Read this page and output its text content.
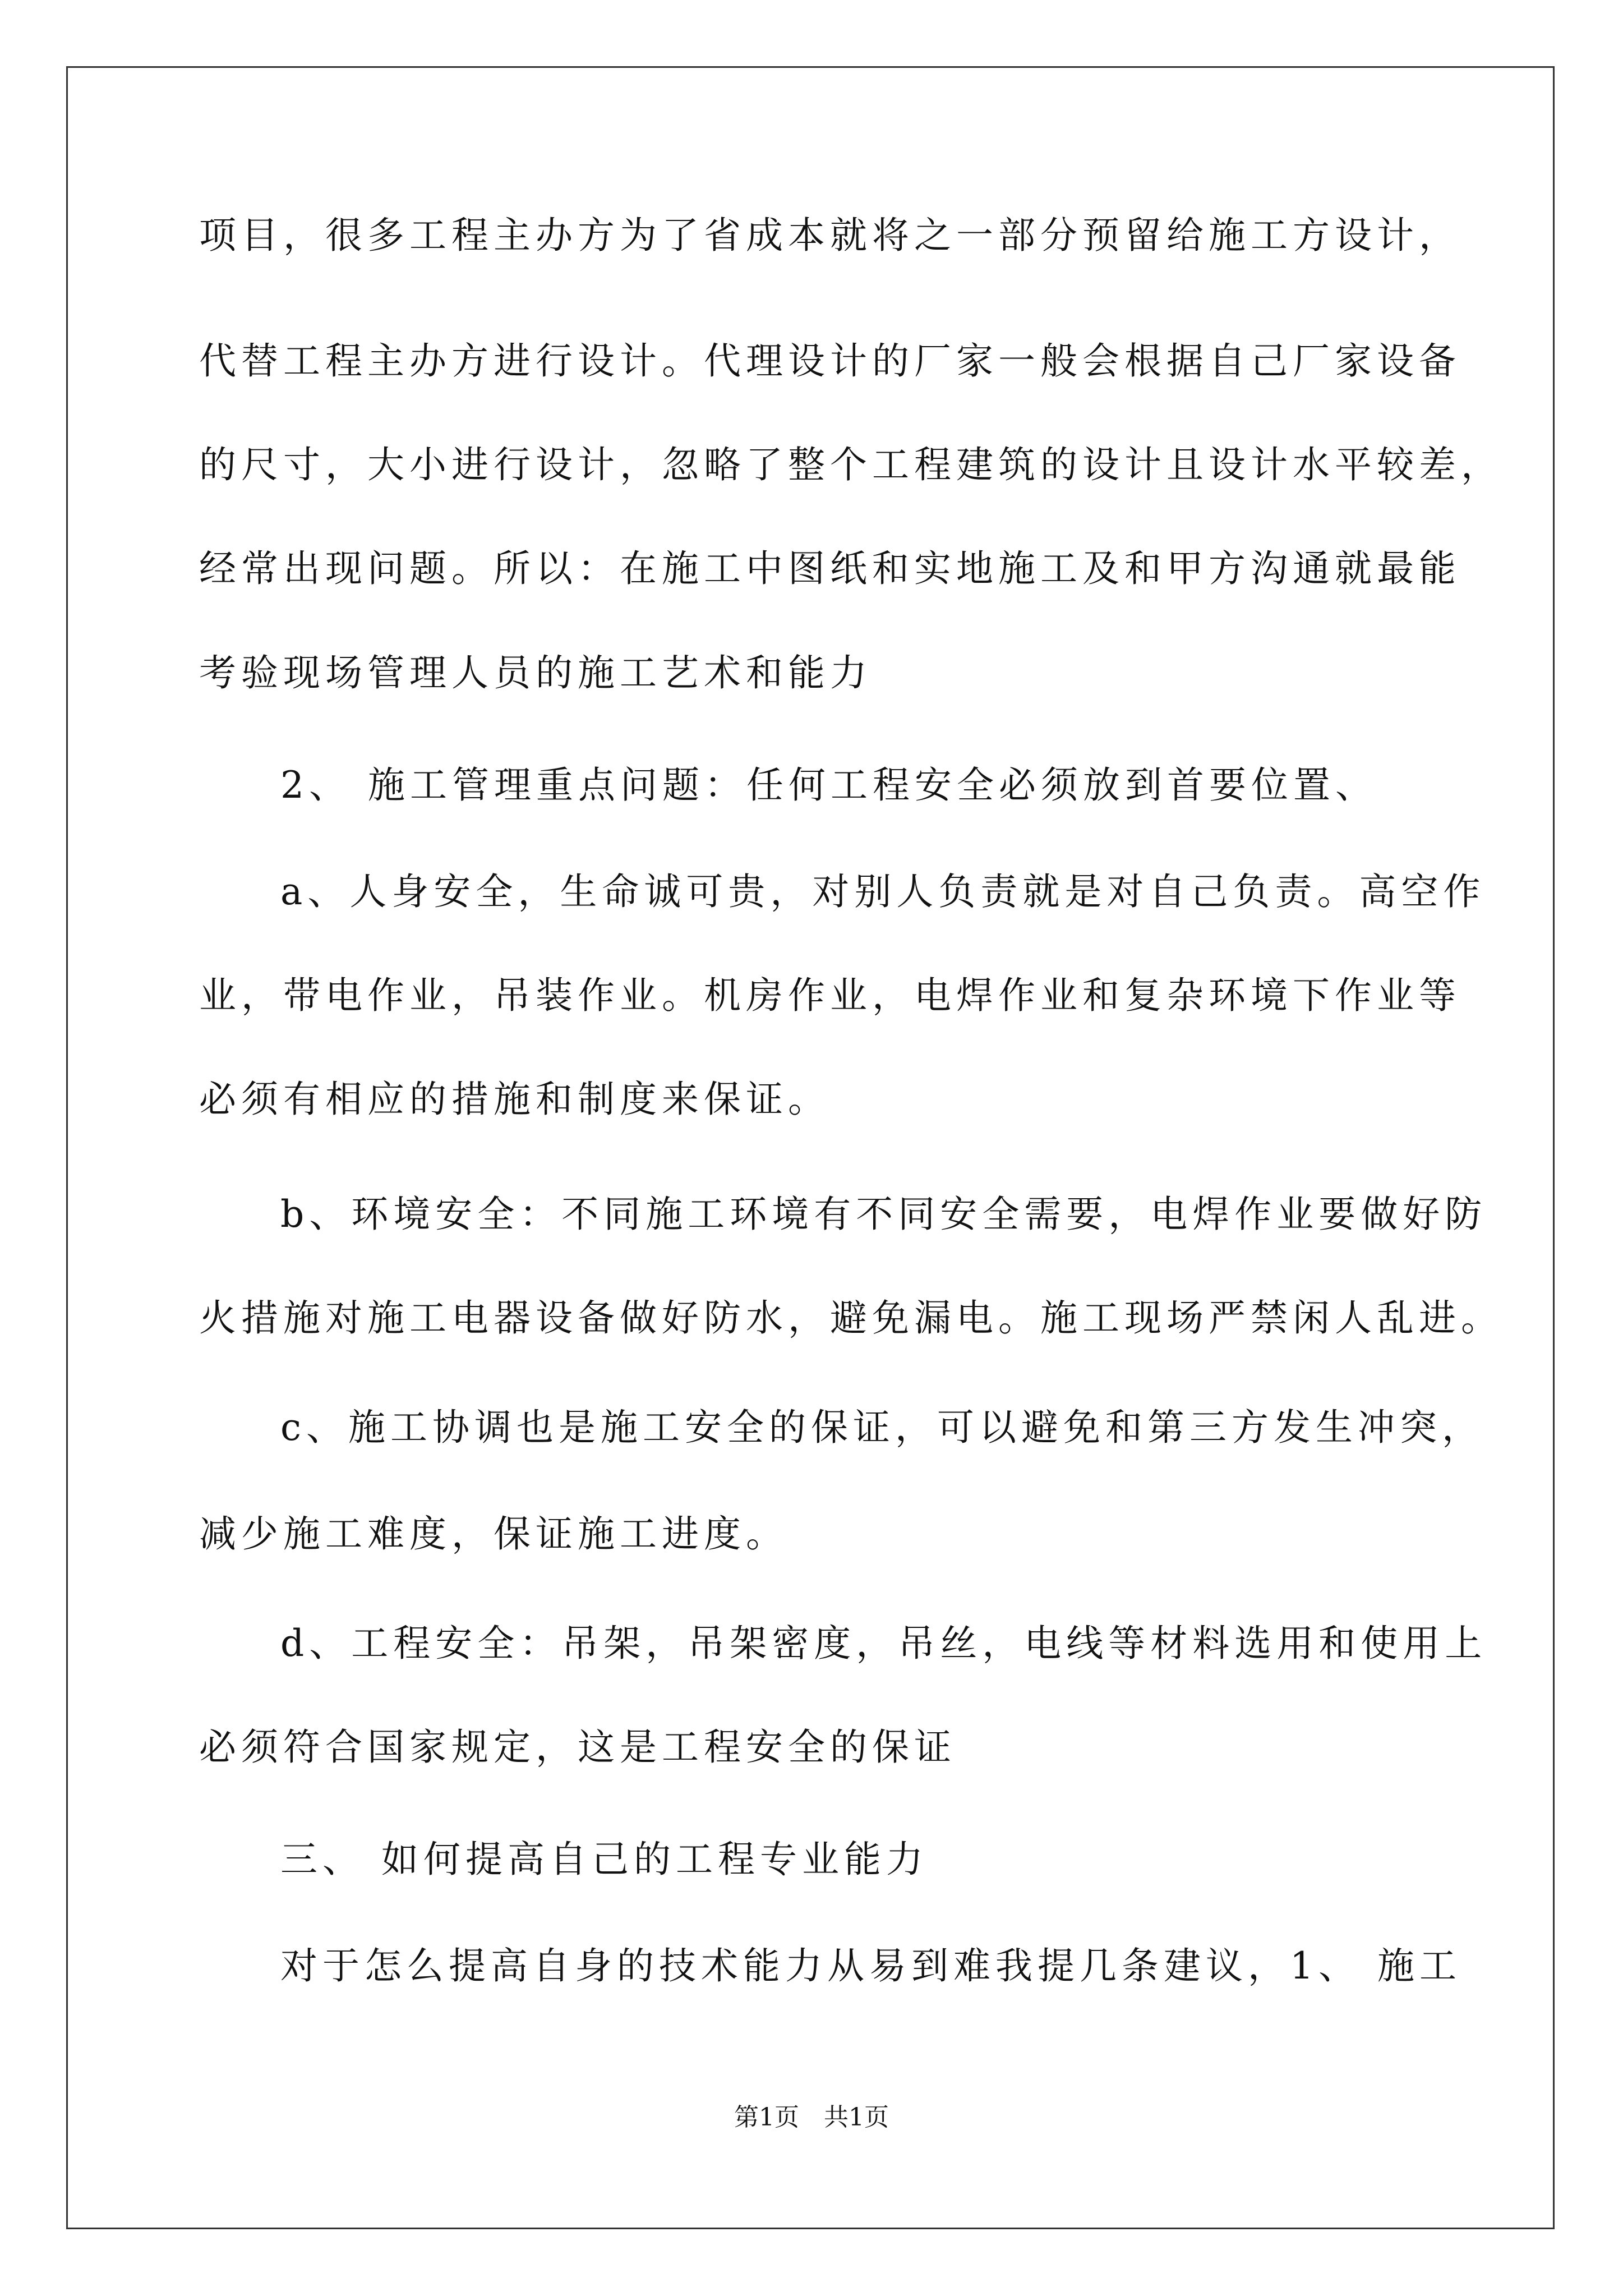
项目，很多工程主办方为了省成本就将之一部分预留给施工方设计，
代替工程主办方进行设计。代理设计的厂家一般会根据自己厂家设备
的尺寸，大小进行设计，忽略了整个工程建筑的设计且设计水平较差，
经常出现问题。所以：在施工中图纸和实地施工及和甲方沟通就最能
考验现场管理人员的施工艺术和能力
2、 施工管理重点问题：任何工程安全必须放到首要位置、
a、人身安全，生命诚可贵，对别人负责就是对自己负责。高空作
业，带电作业，吊装作业。机房作业，电焊作业和复杂环境下作业等
必须有相应的措施和制度来保证。
b、环境安全：不同施工环境有不同安全需要，电焊作业要做好防
火措施对施工电器设备做好防水，避免漏电。施工现场严禁闲人乱进。
c、施工协调也是施工安全的保证，可以避免和第三方发生冲突，
减少施工难度，保证施工进度。
d、工程安全：吊架，吊架密度，吊丝，电线等材料选用和使用上
必须符合国家规定，这是工程安全的保证
三、 如何提高自己的工程专业能力
对于怎么提高自身的技术能力从易到难我提几条建议，1、 施工
第1页 共1页
